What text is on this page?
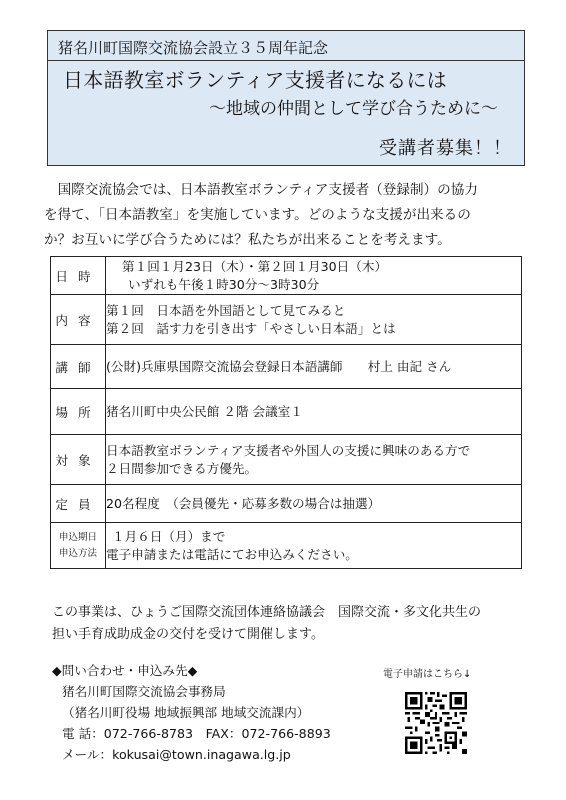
猪名川町国際交流協会設立３５周年記念
日本語教室ボランティア支援者になるには
～地域の仲間として学び合うために～
受講者募集！！

　国際交流協会では、日本語教室ボランティア支援者（登録制）の協力

を得て、「日本語教室」を実施しています。どのような支援が出来るの

か？お互いに学び合うためには？私たちが出来ることを考えます。

日時	第１回１月23日（木）・第２回１月30日（木）
いずれも午後１時30分～3時30分

内容	第１回　日本語を外国語として見てみると
第２回　話す力を引き出す「やさしい日本語」とは

講師	(公財)兵庫県国際交流協会登録日本語講師　　村上 由記 さん

場所	猪名川町中央公民館 ２階 会議室１

対象	日本語教室ボランティア支援者や外国人の支援に興味のある方で
２日間参加できる方優先。

定員	20名程度　（会員優先・応募多数の場合は抽選）

申込期日
申込方法	１月６日（月）まで
電子申請または電話にてお申込みください。
この事業は、ひょうご国際交流団体連絡協議会　国際交流・多文化共生の
担い手育成助成金の交付を受けて開催します。
◆問い合わせ・申込み先◆
猪名川町国際交流協会事務局
（猪名川町役場 地域振興部 地域交流課内）
電 話：072-766-8783　FAX：072-766-8893
メール：kokusai@town.inagawa.lg.jp
電子申請はこちら↓
